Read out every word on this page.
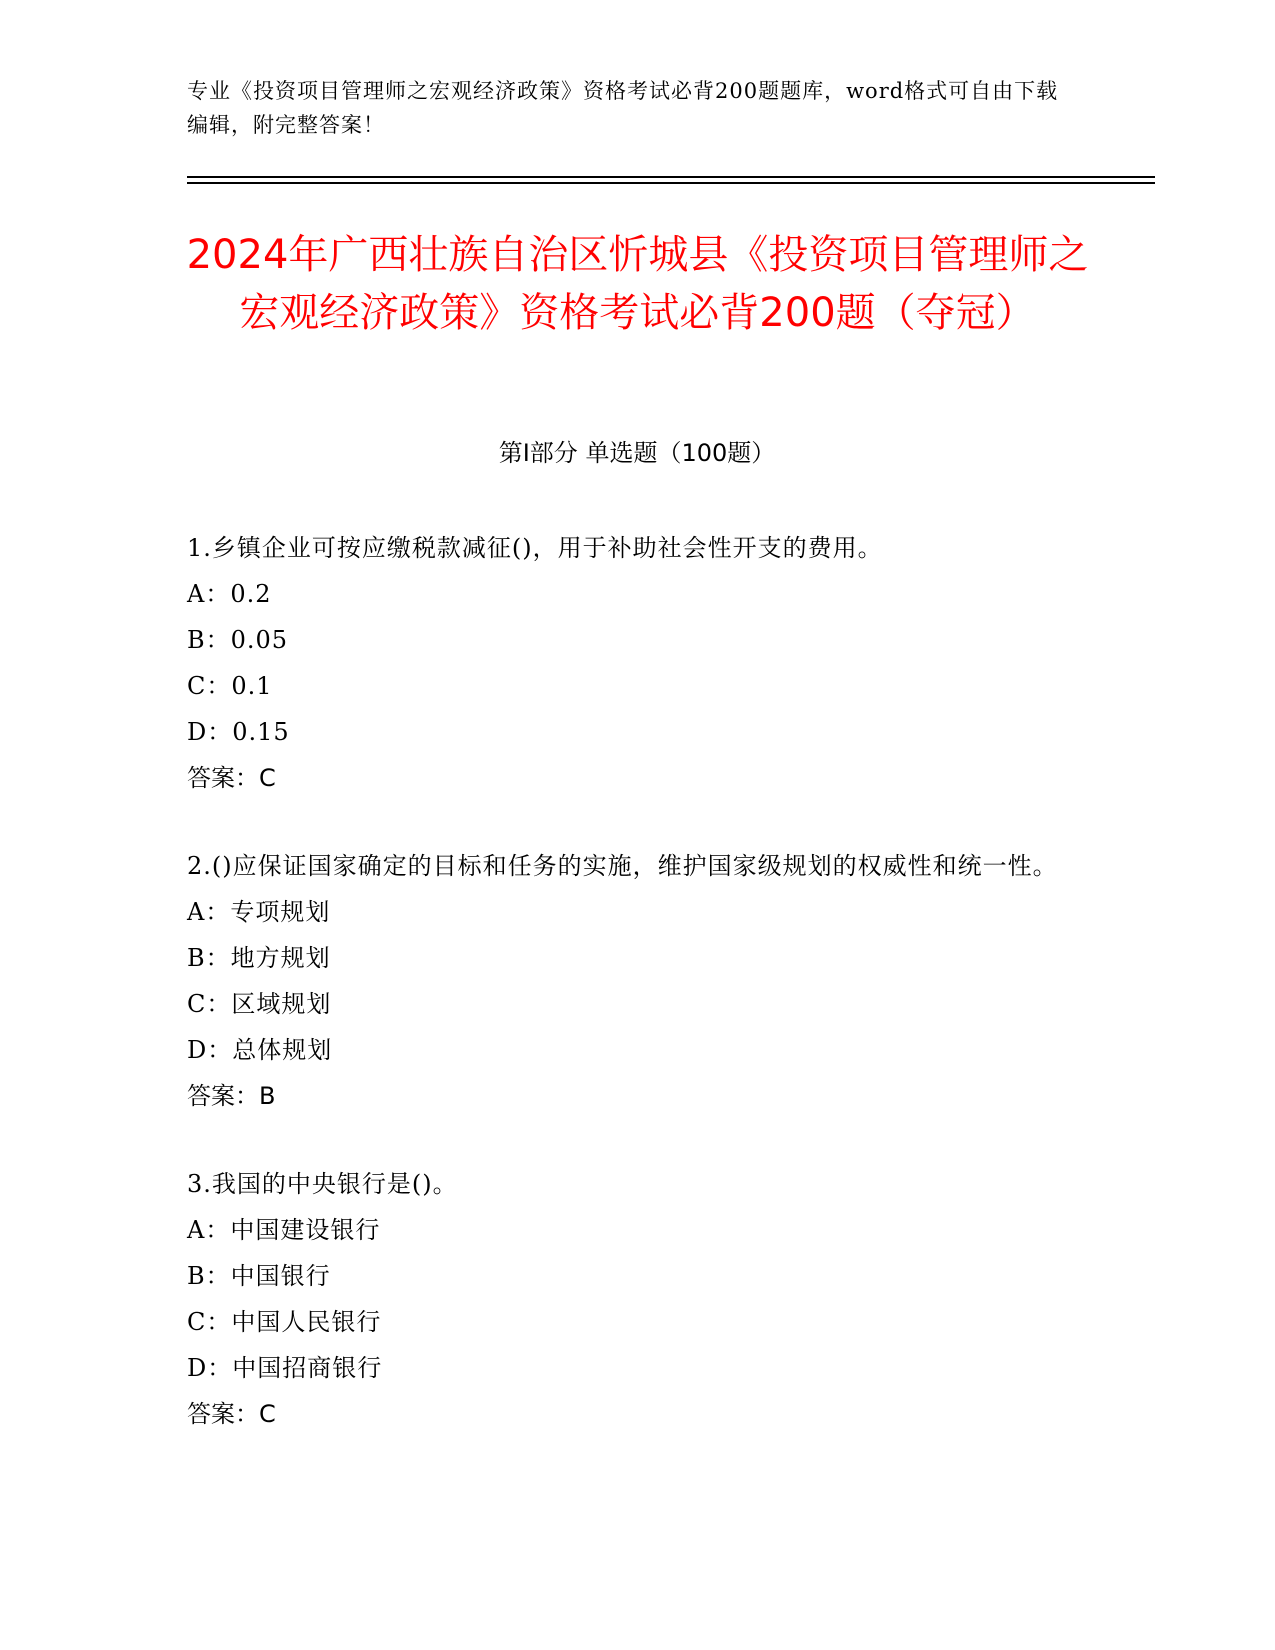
专业《投资项目管理师之宏观经济政策》资格考试必背200题题库，word格式可自由下载编辑，附完整答案！
2024年广西壮族自治区忻城县《投资项目管理师之宏观经济政策》资格考试必背200题（夺冠）
第Ⅰ部分 单选题（100题）
1.乡镇企业可按应缴税款减征()，用于补助社会性开支的费用。
A：0.2
B：0.05
C：0.1
D：0.15
答案：C
2.()应保证国家确定的目标和任务的实施，维护国家级规划的权威性和统一性。
A：专项规划
B：地方规划
C：区域规划
D：总体规划
答案：B
3.我国的中央银行是()。
A：中国建设银行
B：中国银行
C：中国人民银行
D：中国招商银行
答案：C
